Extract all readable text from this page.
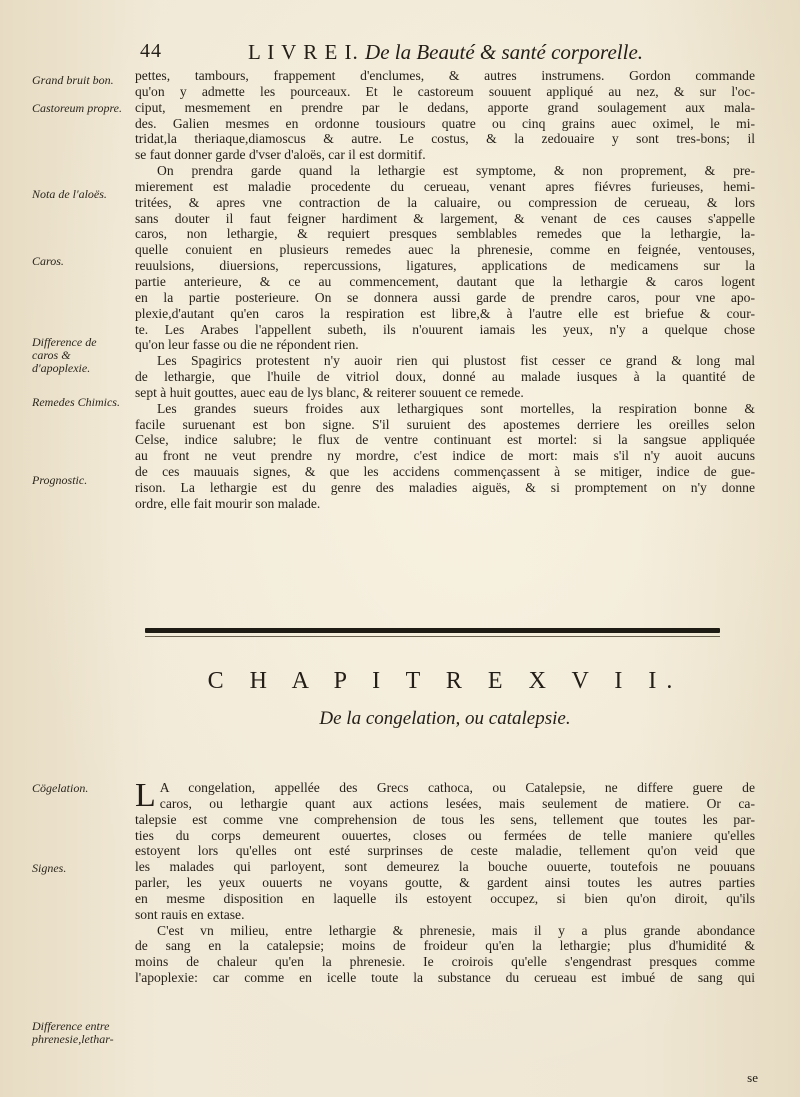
44	L I V R E I. De la Beauté & santé corporelle.
Grand bruit bon.
Castoreum propre.
Nota de l'aloës.
Caros.
Difference de caros & d'apoplexie.
Remedes Chimics.
Prognostic.
pettes, tambours, frappement d'enclumes, & autres instrumens. Gordon commande
qu'on y admette les pourceaux. Et le castoreum souuent appliqué au nez, & sur l'oc-
ciput, mesmement en prendre par le dedans, apporte grand soulagement aux mala-
des. Galien mesmes en ordonne tousiours quatre ou cinq grains auec oximel, le mi-
tridat,la theriaque,diamoscus & autre. Le costus, & la zedouaire y sont tres-bons; il
se faut donner garde d'vser d'aloës, car il est dormitif.
On prendra garde quand la lethargie est symptome, & non proprement, & pre-
mierement est maladie procedente du cerueau, venant apres fiévres furieuses, hemi-
tritées, & apres vne contraction de la caluaire, ou compression de cerueau, & lors
sans douter il faut feigner hardiment & largement, & venant de ces causes s'appelle
caros, non lethargie, & requiert presques semblables remedes que la lethargie, la-
quelle conuient en plusieurs remedes auec la phrenesie, comme en feignée, ventouses,
reuulsions, diuersions, repercussions, ligatures, applications de medicamens sur la
partie anterieure, & ce au commencement, dautant que la lethargie & caros logent
en la partie posterieure. On se donnera aussi garde de prendre caros, pour vne apo-
plexie,d'autant qu'en caros la respiration est libre,& à l'autre elle est briefue & cour-
te. Les Arabes l'appellent subeth, ils n'ouurent iamais les yeux, n'y a quelque chose
qu'on leur fasse ou die ne répondent rien.
Les Spagirics protestent n'y auoir rien qui plustost fist cesser ce grand & long mal
de lethargie, que l'huile de vitriol doux, donné au malade iusques à la quantité de
sept à huit gouttes, auec eau de lys blanc, & reiterer souuent ce remede.
Les grandes sueurs froides aux lethargiques sont mortelles, la respiration bonne &
facile suruenant est bon signe. S'il suruient des apostemes derriere les oreilles selon
Celse, indice salubre; le flux de ventre continuant est mortel: si la sangsue appliquée
au front ne veut prendre ny mordre, c'est indice de mort: mais s'il n'y auoit aucuns
de ces mauuais signes, & que les accidens commençassent à se mitiger, indice de gue-
rison. La lethargie est du genre des maladies aiguës, & si promptement on n'y donne
ordre, elle fait mourir son malade.
C H A P I T R E X V I I.
De la congelation, ou catalepsie.
Cögelation.
Signes.
Difference entre phrenesie,lethar-
L A congelation, appellée des Grecs cathoca, ou Catalepsie, ne differe guere de
caros, ou lethargie quant aux actions lesées, mais seulement de matiere. Or ca-
talepsie est comme vne comprehension de tous les sens, tellement que toutes les par-
ties du corps demeurent ouuertes, closes ou fermées de telle maniere qu'elles
estoyent lors qu'elles ont esté surprinses de ceste maladie, tellement qu'on veid que
les malades qui parloyent, sont demeurez la bouche ouuerte, toutefois ne pouuans
parler, les yeux ouuerts ne voyans goutte, & gardent ainsi toutes les autres parties
en mesme disposition en laquelle ils estoyent occupez, si bien qu'on diroit, qu'ils
sont rauis en extase.
C'est vn milieu, entre lethargie & phrenesie, mais il y a plus grande abondance
de sang en la catalepsie; moins de froideur qu'en la lethargie; plus d'humidité &
moins de chaleur qu'en la phrenesie. Ie croirois qu'elle s'engendrast presques comme
l'apoplexie: car comme en icelle toute la substance du cerueau est imbué de sang qui
se
